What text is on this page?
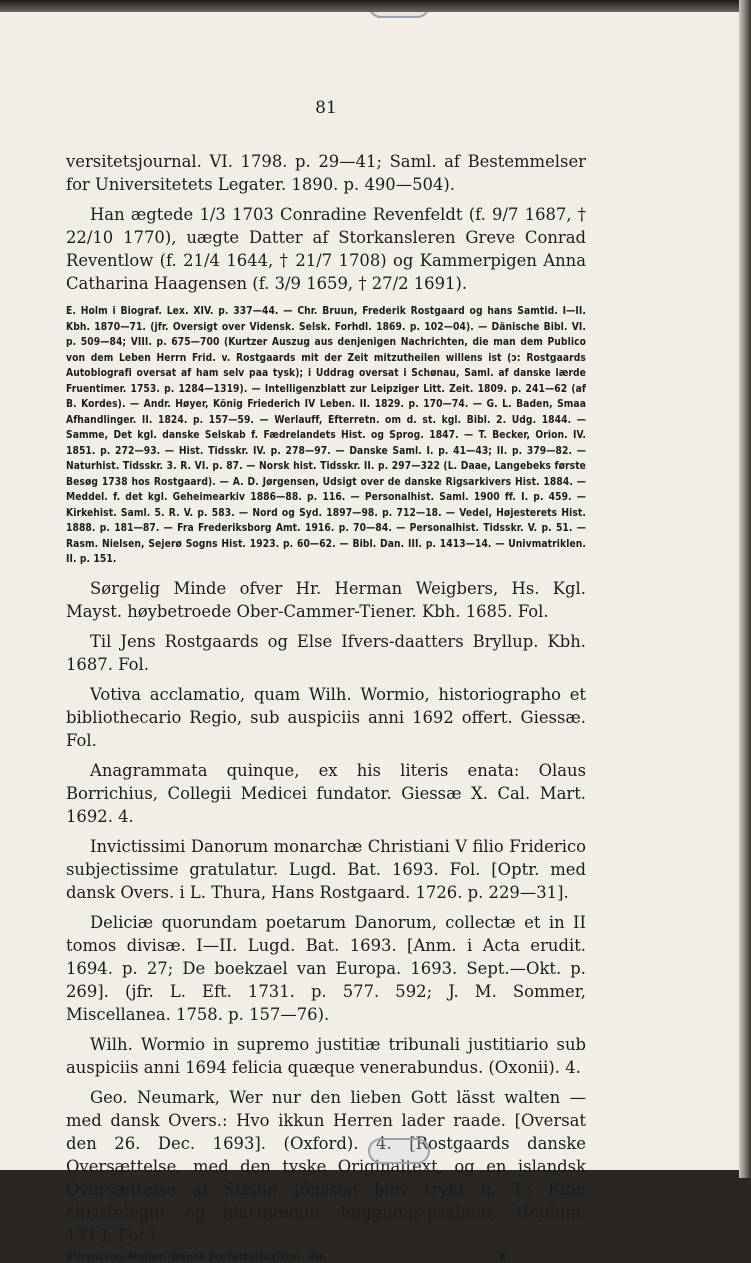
81

versitetsjournal. VI. 1798. p. 29—41; Saml. af Bestemmelser for Universitetets Legater. 1890. p. 490—504).

Han ægtede 1/3 1703 Conradine Revenfeldt (f. 9/7 1687, † 22/10 1770), uægte Datter af Storkansleren Greve Conrad Reventlow (f. 21/4 1644, † 21/7 1708) og Kammerpigen Anna Catharina Haagensen (f. 3/9 1659, † 27/2 1691).

E. Holm i Biograf. Lex. XIV. p. 337—44. — Chr. Bruun, Frederik Rostgaard og hans Samtid. I—II. Kbh. 1870—71. (jfr. Oversigt over Vidensk. Selsk. Forhdl. 1869. p. 102—04). — Dänische Bibl. VI. p. 509—84; VIII. p. 675—700 (Kurtzer Auszug aus denjenigen Nachrichten, die man dem Publico von dem Leben Herrn Frid. v. Rostgaards mit der Zeit mitzutheilen willens ist (ɔ: Rostgaards Autobiografi oversat af ham selv paa tysk); i Uddrag oversat i Schønau, Saml. af danske lærde Fruentimer. 1753. p. 1284—1319). — Intelligenzblatt zur Leipziger Litt. Zeit. 1809. p. 241—62 (af B. Kordes). — Andr. Høyer, König Friederich IV Leben. II. 1829. p. 170—74. — G. L. Baden, Smaa Afhandlinger. II. 1824. p. 157—59. — Werlauff, Efterretn. om d. st. kgl. Bibl. 2. Udg. 1844. — Samme, Det kgl. danske Selskab f. Fædrelandets Hist. og Sprog. 1847. — T. Becker, Orion. IV. 1851. p. 272—93. — Hist. Tidsskr. IV. p. 278—97. — Danske Saml. I. p. 41—43; II. p. 379—82. — Naturhist. Tidsskr. 3. R. VI. p. 87. — Norsk hist. Tidsskr. II. p. 297—322 (L. Daae, Langebeks første Besøg 1738 hos Rostgaard). — A. D. Jørgensen, Udsigt over de danske Rigsarkivers Hist. 1884. — Meddel. f. det kgl. Geheimearkiv 1886—88. p. 116. — Personalhist. Saml. 1900 ff. I. p. 459. — Kirkehist. Saml. 5. R. V. p. 583. — Nord og Syd. 1897—98. p. 712—18. — Vedel, Højesterets Hist. 1888. p. 181—87. — Fra Frederiksborg Amt. 1916. p. 70—84. — Personalhist. Tidsskr. V. p. 51. — Rasm. Nielsen, Sejerø Sogns Hist. 1923. p. 60—62. — Bibl. Dan. III. p. 1413—14. — Univmatriklen. II. p. 151.

Sørgelig Minde ofver Hr. Herman Weigbers, Hs. Kgl. Mayst. høybetroede Ober-Cammer-Tiener. Kbh. 1685. Fol.

Til Jens Rostgaards og Else Ifvers-daatters Bryllup. Kbh. 1687. Fol.

Votiva acclamatio, quam Wilh. Wormio, historiographo et bibliothecario Regio, sub auspiciis anni 1692 offert. Giessæ. Fol.

Anagrammata quinque, ex his literis enata: Olaus Borrichius, Collegii Medicei fundator. Giessæ X. Cal. Mart. 1692. 4.

Invictissimi Danorum monarchæ Christiani V filio Friderico subjectissime gratulatur. Lugd. Bat. 1693. Fol. [Optr. med dansk Overs. i L. Thura, Hans Rostgaard. 1726. p. 229—31].

Deliciæ quorundam poetarum Danorum, collectæ et in II tomos divisæ. I—II. Lugd. Bat. 1693. [Anm. i Acta erudit. 1694. p. 27; De boekzael van Europa. 1693. Sept.—Okt. p. 269]. (jfr. L. Eft. 1731. p. 577. 592; J. M. Sommer, Miscellanea. 1758. p. 157—76).

Wilh. Wormio in supremo justitiæ tribunali justitiario sub auspiciis anni 1694 felicia quæque venerabundus. (Oxonii). 4.

Geo. Neumark, Wer nur den lieben Gott lässt walten — med dansk Overs.: Hvo ikkun Herren lader raade. [Oversat den 26. Dec. 1693]. (Oxford). 4. [Rostgaards danske Oversættelse, med den tyske Originaltext, og en islandsk Oversættelse af Steinn Jónsson blev trykt u. T.: Einn christelegur og hiartnæmur huggunar-psalmur. Hoolum. 1713. Fol.).

Ehrencron-Müller: Dansk Forfatterlexikon. VII.	6
